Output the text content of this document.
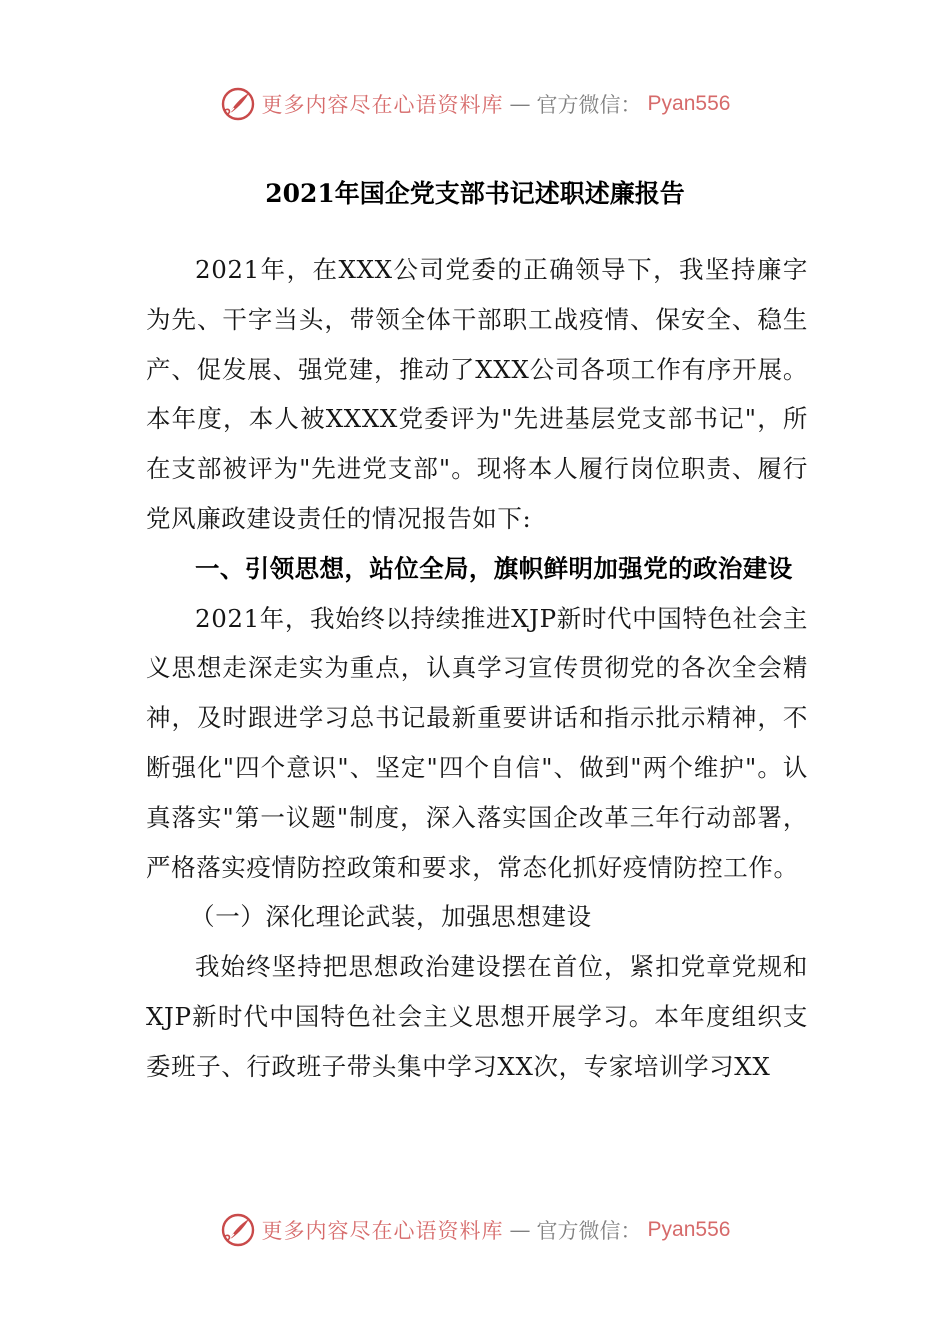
更多内容尽在心语资料库 — 官方微信： Pyan556
2021年国企党支部书记述职述廉报告

2021年，在XXX公司党委的正确领导下，我坚持廉字为先、干字当头，带领全体干部职工战疫情、保安全、稳生产、促发展、强党建，推动了XXX公司各项工作有序开展。本年度，本人被XXXX党委评为"先进基层党支部书记"，所在支部被评为"先进党支部"。现将本人履行岗位职责、履行党风廉政建设责任的情况报告如下:

一、引领思想，站位全局，旗帜鲜明加强党的政治建设

2021年，我始终以持续推进XJP新时代中国特色社会主义思想走深走实为重点，认真学习宣传贯彻党的各次全会精神，及时跟进学习总书记最新重要讲话和指示批示精神，不断强化"四个意识"、坚定"四个自信"、做到"两个维护"。认真落实"第一议题"制度，深入落实国企改革三年行动部署，严格落实疫情防控政策和要求，常态化抓好疫情防控工作。

（一）深化理论武装，加强思想建设

我始终坚持把思想政治建设摆在首位，紧扣党章党规和XJP新时代中国特色社会主义思想开展学习。本年度组织支委班子、行政班子带头集中学习XX次，专家培训学习XX

更多内容尽在心语资料库 — 官方微信： Pyan556
